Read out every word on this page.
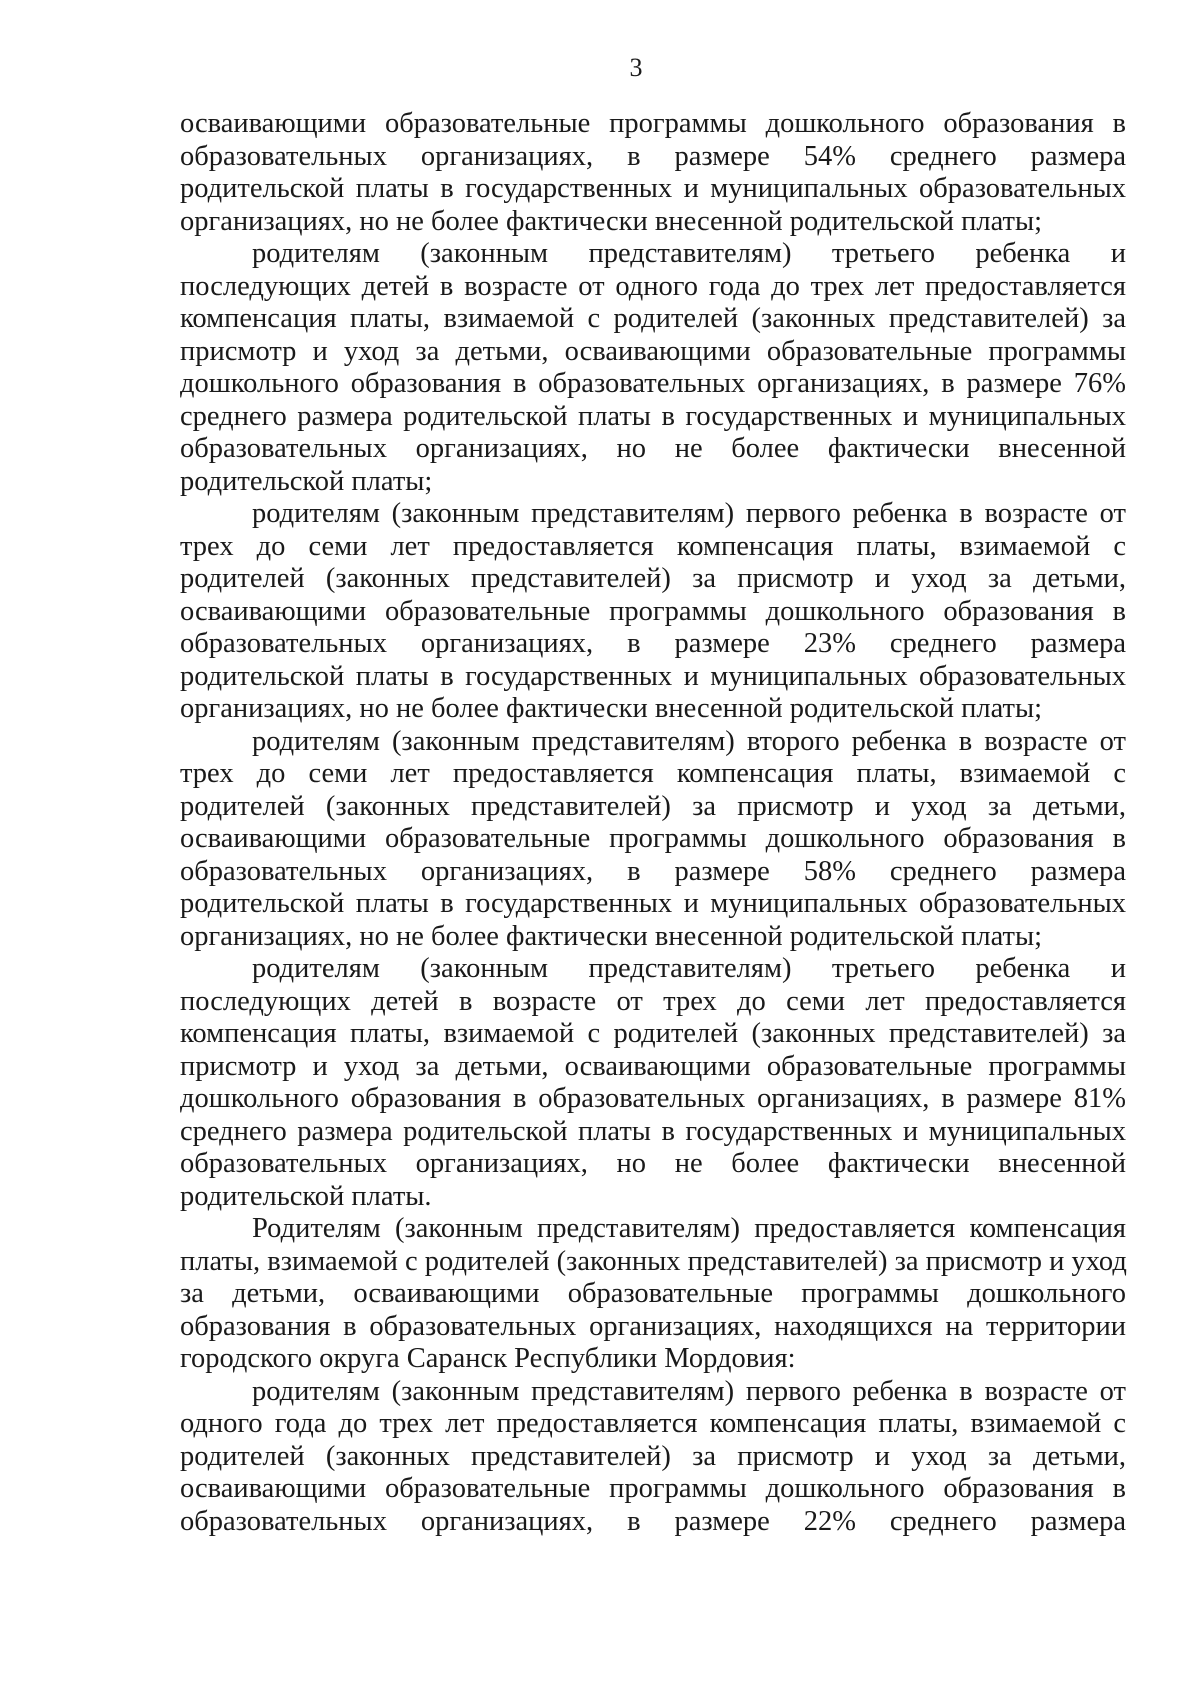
3
осваивающими образовательные программы дошкольного образования в
образовательных организациях, в размере 54% среднего размера
родительской платы в государственных и муниципальных образовательных
организациях, но не более фактически внесенной родительской платы;
родителям (законным представителям) третьего ребенка и
последующих детей в возрасте от одного года до трех лет предоставляется
компенсация платы, взимаемой с родителей (законных представителей) за
присмотр и уход за детьми, осваивающими образовательные программы
дошкольного образования в образовательных организациях, в размере 76%
среднего размера родительской платы в государственных и муниципальных
образовательных организациях, но не более фактически внесенной
родительской платы;
родителям (законным представителям) первого ребенка в возрасте от
трех до семи лет предоставляется компенсация платы, взимаемой с
родителей (законных представителей) за присмотр и уход за детьми,
осваивающими образовательные программы дошкольного образования в
образовательных организациях, в размере 23% среднего размера
родительской платы в государственных и муниципальных образовательных
организациях, но не более фактически внесенной родительской платы;
родителям (законным представителям) второго ребенка в возрасте от
трех до семи лет предоставляется компенсация платы, взимаемой с
родителей (законных представителей) за присмотр и уход за детьми,
осваивающими образовательные программы дошкольного образования в
образовательных организациях, в размере 58% среднего размера
родительской платы в государственных и муниципальных образовательных
организациях, но не более фактически внесенной родительской платы;
родителям (законным представителям) третьего ребенка и
последующих детей в возрасте от трех до семи лет предоставляется
компенсация платы, взимаемой с родителей (законных представителей) за
присмотр и уход за детьми, осваивающими образовательные программы
дошкольного образования в образовательных организациях, в размере 81%
среднего размера родительской платы в государственных и муниципальных
образовательных организациях, но не более фактически внесенной
родительской платы.
Родителям (законным представителям) предоставляется компенсация
платы, взимаемой с родителей (законных представителей) за присмотр и уход
за детьми, осваивающими образовательные программы дошкольного
образования в образовательных организациях, находящихся на территории
городского округа Саранск Республики Мордовия:
родителям (законным представителям) первого ребенка в возрасте от
одного года до трех лет предоставляется компенсация платы, взимаемой с
родителей (законных представителей) за присмотр и уход за детьми,
осваивающими образовательные программы дошкольного образования в
образовательных организациях, в размере 22% среднего размера
